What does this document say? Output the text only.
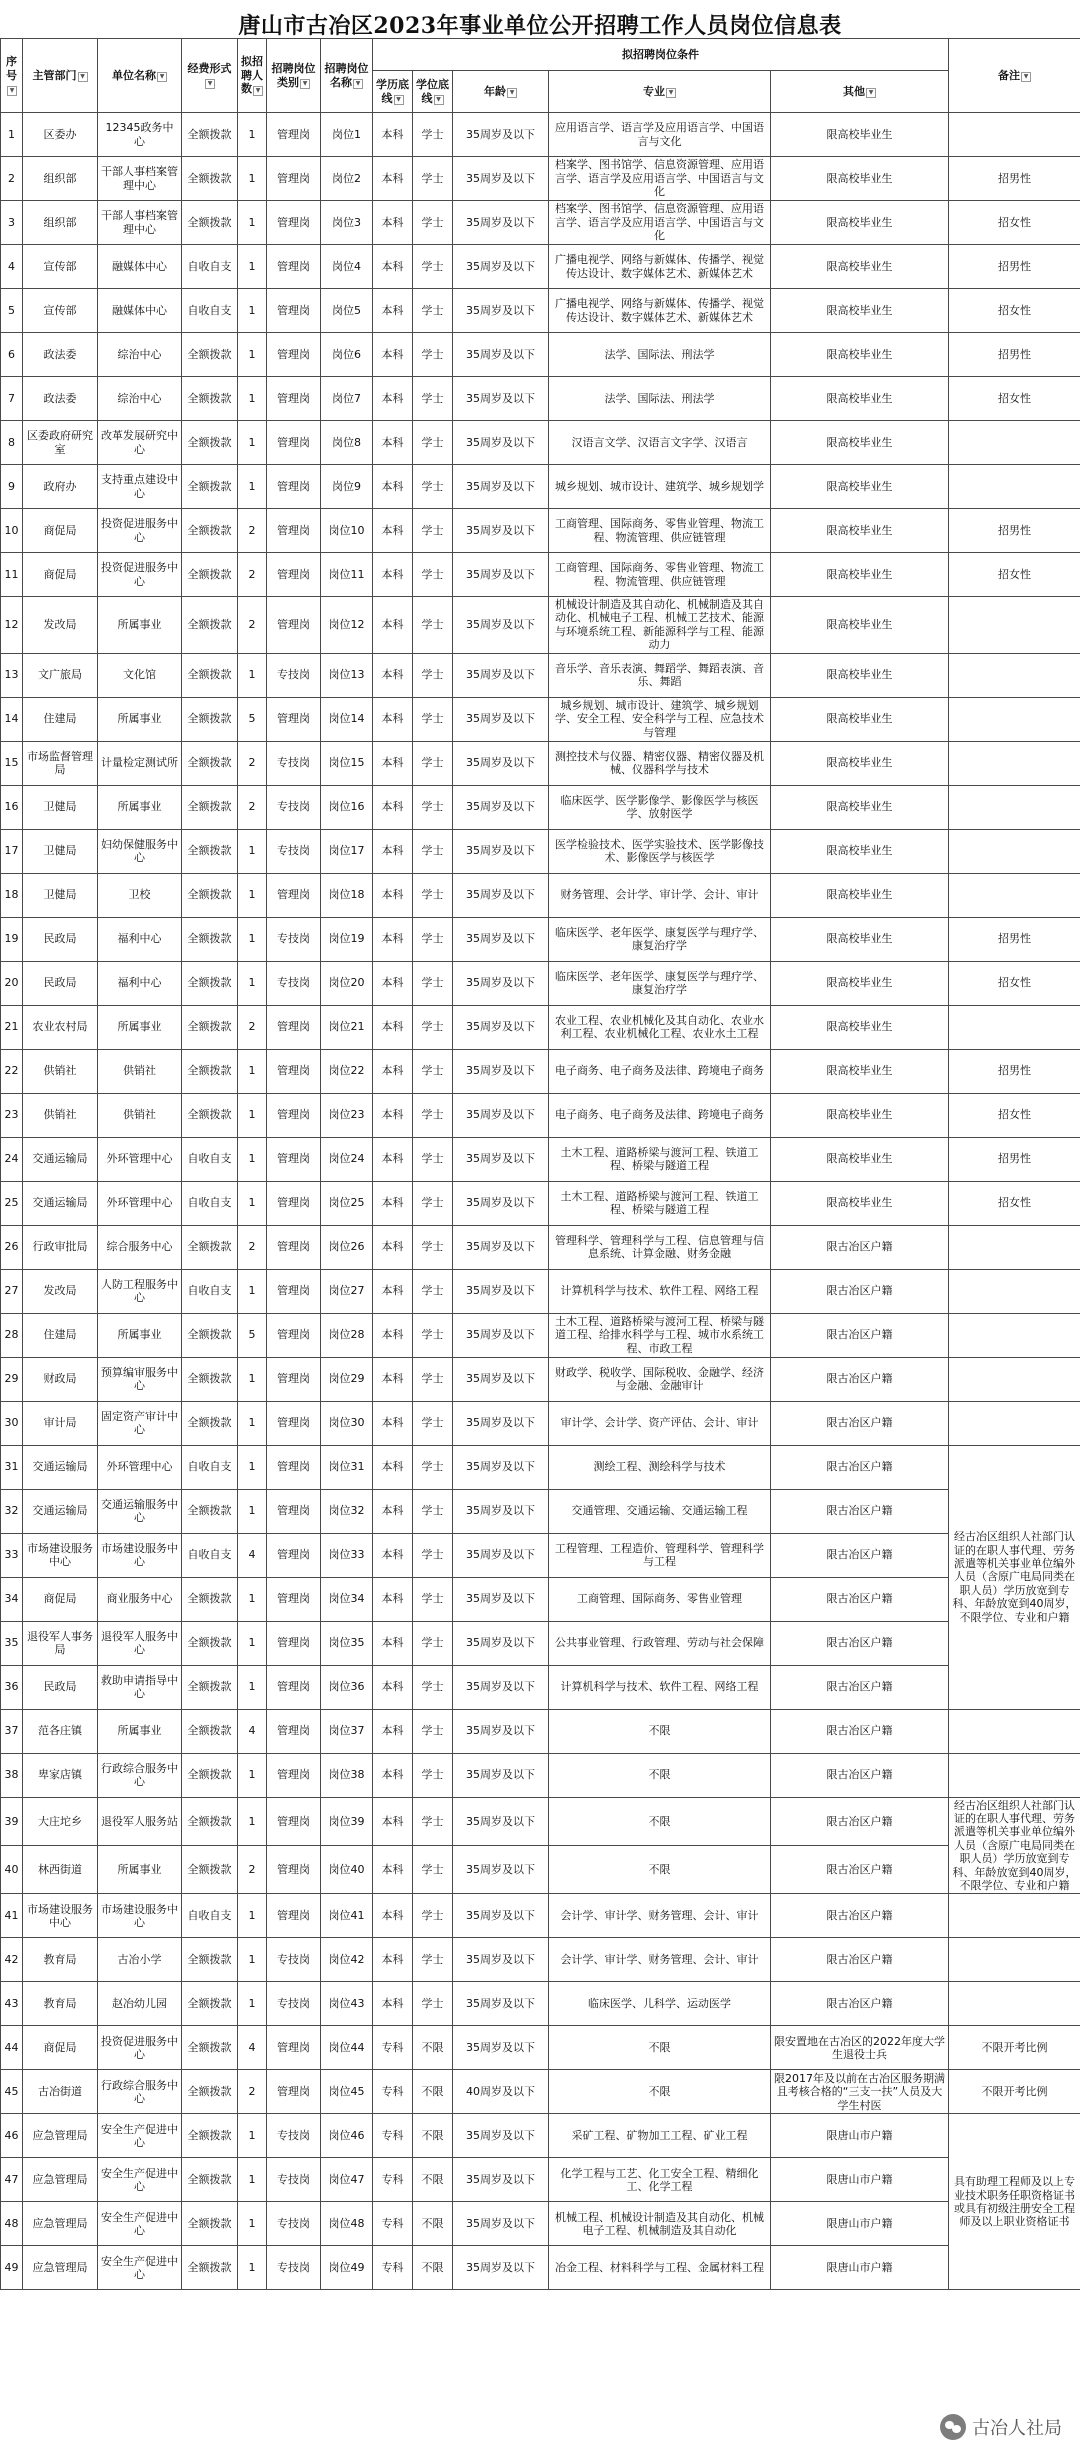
唐山市古冶区2023年事业单位公开招聘工作人员岗位信息表
序号▼	主管部门 ▼	单位名称 ▼	经费形式▼	拟招聘人数 ▼	招聘岗位类别 ▼	招聘岗位名称 ▼	拟招聘岗位条件					备注 ▼
							学历底线 ▼	学位底线 ▼	年龄 ▼	专业 ▼	其他 ▼	
1	区委办	12345政务中心	全额拨款	1	管理岗	岗位1	本科	学士	35周岁及以下	应用语言学、语言学及应用语言学、中国语言与文化	限高校毕业生	
2	组织部	干部人事档案管理中心	全额拨款	1	管理岗	岗位2	本科	学士	35周岁及以下	档案学、图书馆学、信息资源管理、应用语言学、语言学及应用语言学、中国语言与文化	限高校毕业生	招男性
3	组织部	干部人事档案管理中心	全额拨款	1	管理岗	岗位3	本科	学士	35周岁及以下	档案学、图书馆学、信息资源管理、应用语言学、语言学及应用语言学、中国语言与文化	限高校毕业生	招女性
4	宣传部	融媒体中心	自收自支	1	管理岗	岗位4	本科	学士	35周岁及以下	广播电视学、网络与新媒体、传播学、视觉传达设计、数字媒体艺术、新媒体艺术	限高校毕业生	招男性
5	宣传部	融媒体中心	自收自支	1	管理岗	岗位5	本科	学士	35周岁及以下	广播电视学、网络与新媒体、传播学、视觉传达设计、数字媒体艺术、新媒体艺术	限高校毕业生	招女性
6	政法委	综治中心	全额拨款	1	管理岗	岗位6	本科	学士	35周岁及以下	法学、国际法、刑法学	限高校毕业生	招男性
7	政法委	综治中心	全额拨款	1	管理岗	岗位7	本科	学士	35周岁及以下	法学、国际法、刑法学	限高校毕业生	招女性
8	区委政府研究室	改革发展研究中心	全额拨款	1	管理岗	岗位8	本科	学士	35周岁及以下	汉语言文学、汉语言文字学、汉语言	限高校毕业生	
9	政府办	支持重点建设中心	全额拨款	1	管理岗	岗位9	本科	学士	35周岁及以下	城乡规划、城市设计、建筑学、城乡规划学	限高校毕业生	
10	商促局	投资促进服务中心	全额拨款	2	管理岗	岗位10	本科	学士	35周岁及以下	工商管理、国际商务、零售业管理、物流工程、物流管理、供应链管理	限高校毕业生	招男性
11	商促局	投资促进服务中心	全额拨款	2	管理岗	岗位11	本科	学士	35周岁及以下	工商管理、国际商务、零售业管理、物流工程、物流管理、供应链管理	限高校毕业生	招女性
12	发改局	所属事业	全额拨款	2	管理岗	岗位12	本科	学士	35周岁及以下	机械设计制造及其自动化、机械制造及其自动化、机械电子工程、机械工艺技术、能源与环境系统工程、新能源科学与工程、能源动力	限高校毕业生	
13	文广旅局	文化馆	全额拨款	1	专技岗	岗位13	本科	学士	35周岁及以下	音乐学、音乐表演、舞蹈学、舞蹈表演、音乐、舞蹈	限高校毕业生	
14	住建局	所属事业	全额拨款	5	管理岗	岗位14	本科	学士	35周岁及以下	城乡规划、城市设计、建筑学、城乡规划学、安全工程、安全科学与工程、应急技术与管理	限高校毕业生	
15	市场监督管理局	计量检定测试所	全额拨款	2	专技岗	岗位15	本科	学士	35周岁及以下	测控技术与仪器、精密仪器、精密仪器及机械、仪器科学与技术	限高校毕业生	
16	卫健局	所属事业	全额拨款	2	专技岗	岗位16	本科	学士	35周岁及以下	临床医学、医学影像学、影像医学与核医学、放射医学	限高校毕业生	
17	卫健局	妇幼保健服务中心	全额拨款	1	专技岗	岗位17	本科	学士	35周岁及以下	医学检验技术、医学实验技术、医学影像技术、影像医学与核医学	限高校毕业生	
18	卫健局	卫校	全额拨款	1	管理岗	岗位18	本科	学士	35周岁及以下	财务管理、会计学、审计学、会计、审计	限高校毕业生	
19	民政局	福利中心	全额拨款	1	专技岗	岗位19	本科	学士	35周岁及以下	临床医学、老年医学、康复医学与理疗学、康复治疗学	限高校毕业生	招男性
20	民政局	福利中心	全额拨款	1	专技岗	岗位20	本科	学士	35周岁及以下	临床医学、老年医学、康复医学与理疗学、康复治疗学	限高校毕业生	招女性
21	农业农村局	所属事业	全额拨款	2	管理岗	岗位21	本科	学士	35周岁及以下	农业工程、农业机械化及其自动化、农业水利工程、农业机械化工程、农业水土工程	限高校毕业生	
22	供销社	供销社	全额拨款	1	管理岗	岗位22	本科	学士	35周岁及以下	电子商务、电子商务及法律、跨境电子商务	限高校毕业生	招男性
23	供销社	供销社	全额拨款	1	管理岗	岗位23	本科	学士	35周岁及以下	电子商务、电子商务及法律、跨境电子商务	限高校毕业生	招女性
24	交通运输局	外环管理中心	自收自支	1	管理岗	岗位24	本科	学士	35周岁及以下	土木工程、道路桥梁与渡河工程、铁道工程、桥梁与隧道工程	限高校毕业生	招男性
25	交通运输局	外环管理中心	自收自支	1	管理岗	岗位25	本科	学士	35周岁及以下	土木工程、道路桥梁与渡河工程、铁道工程、桥梁与隧道工程	限高校毕业生	招女性
26	行政审批局	综合服务中心	全额拨款	2	管理岗	岗位26	本科	学士	35周岁及以下	管理科学、管理科学与工程、信息管理与信息系统、计算金融、财务金融	限古冶区户籍	
27	发改局	人防工程服务中心	自收自支	1	管理岗	岗位27	本科	学士	35周岁及以下	计算机科学与技术、软件工程、网络工程	限古冶区户籍	
28	住建局	所属事业	全额拨款	5	管理岗	岗位28	本科	学士	35周岁及以下	土木工程、道路桥梁与渡河工程、桥梁与隧道工程、给排水科学与工程、城市水系统工程、市政工程	限古冶区户籍	
29	财政局	预算编审服务中心	全额拨款	1	管理岗	岗位29	本科	学士	35周岁及以下	财政学、税收学、国际税收、金融学、经济与金融、金融审计	限古冶区户籍	
30	审计局	固定资产审计中心	全额拨款	1	管理岗	岗位30	本科	学士	35周岁及以下	审计学、会计学、资产评估、会计、审计	限古冶区户籍	
31	交通运输局	外环管理中心	自收自支	1	管理岗	岗位31	本科	学士	35周岁及以下	测绘工程、测绘科学与技术	限古冶区户籍	经古冶区组织人社部门认证的在职人事代理、劳务派遣等机关事业单位编外人员（含原广电局同类在职人员）学历放宽到专科、年龄放宽到40周岁，不限学位、专业和户籍
32	交通运输局	交通运输服务中心	全额拨款	1	管理岗	岗位32	本科	学士	35周岁及以下	交通管理、交通运输、交通运输工程	限古冶区户籍	
33	市场建设服务中心	市场建设服务中心	自收自支	4	管理岗	岗位33	本科	学士	35周岁及以下	工程管理、工程造价、管理科学、管理科学与工程	限古冶区户籍	
34	商促局	商业服务中心	全额拨款	1	管理岗	岗位34	本科	学士	35周岁及以下	工商管理、国际商务、零售业管理	限古冶区户籍	
35	退役军人事务局	退役军人服务中心	全额拨款	1	管理岗	岗位35	本科	学士	35周岁及以下	公共事业管理、行政管理、劳动与社会保障	限古冶区户籍	
36	民政局	救助申请指导中心	全额拨款	1	管理岗	岗位36	本科	学士	35周岁及以下	计算机科学与技术、软件工程、网络工程	限古冶区户籍	
37	范各庄镇	所属事业	全额拨款	4	管理岗	岗位37	本科	学士	35周岁及以下	不限	限古冶区户籍	
38	卑家店镇	行政综合服务中心	全额拨款	1	管理岗	岗位38	本科	学士	35周岁及以下	不限	限古冶区户籍	
39	大庄坨乡	退役军人服务站	全额拨款	1	管理岗	岗位39	本科	学士	35周岁及以下	不限	限古冶区户籍	经古冶区组织人社部门认证的在职人事代理、劳务派遣等机关事业单位编外人员（含原广电局同类在职人员）学历放宽到专科、年龄放宽到40周岁，不限学位、专业和户籍
40	林西街道	所属事业	全额拨款	2	管理岗	岗位40	本科	学士	35周岁及以下	不限	限古冶区户籍	
41	市场建设服务中心	市场建设服务中心	自收自支	1	管理岗	岗位41	本科	学士	35周岁及以下	会计学、审计学、财务管理、会计、审计	限古冶区户籍	
42	教育局	古冶小学	全额拨款	1	专技岗	岗位42	本科	学士	35周岁及以下	会计学、审计学、财务管理、会计、审计	限古冶区户籍	
43	教育局	赵冶幼儿园	全额拨款	1	专技岗	岗位43	本科	学士	35周岁及以下	临床医学、儿科学、运动医学	限古冶区户籍	
44	商促局	投资促进服务中心	全额拨款	4	管理岗	岗位44	专科	不限	35周岁及以下	不限	限安置地在古冶区的2022年度大学生退役士兵	不限开考比例
45	古冶街道	行政综合服务中心	全额拨款	2	管理岗	岗位45	专科	不限	40周岁及以下	不限	限2017年及以前在古冶区服务期满且考核合格的“三支一扶”人员及大学生村医	不限开考比例
46	应急管理局	安全生产促进中心	全额拨款	1	专技岗	岗位46	专科	不限	35周岁及以下	采矿工程、矿物加工工程、矿业工程	限唐山市户籍	具有助理工程师及以上专业技术职务任职资格证书或具有初级注册安全工程师及以上职业资格证书
47	应急管理局	安全生产促进中心	全额拨款	1	专技岗	岗位47	专科	不限	35周岁及以下	化学工程与工艺、化工安全工程、精细化工、化学工程	限唐山市户籍	
48	应急管理局	安全生产促进中心	全额拨款	1	专技岗	岗位48	专科	不限	35周岁及以下	机械工程、机械设计制造及其自动化、机械电子工程、机械制造及其自动化	限唐山市户籍	
49	应急管理局	安全生产促进中心	全额拨款	1	专技岗	岗位49	专科	不限	35周岁及以下	冶金工程、材料科学与工程、金属材料工程	限唐山市户籍	
古冶人社局
